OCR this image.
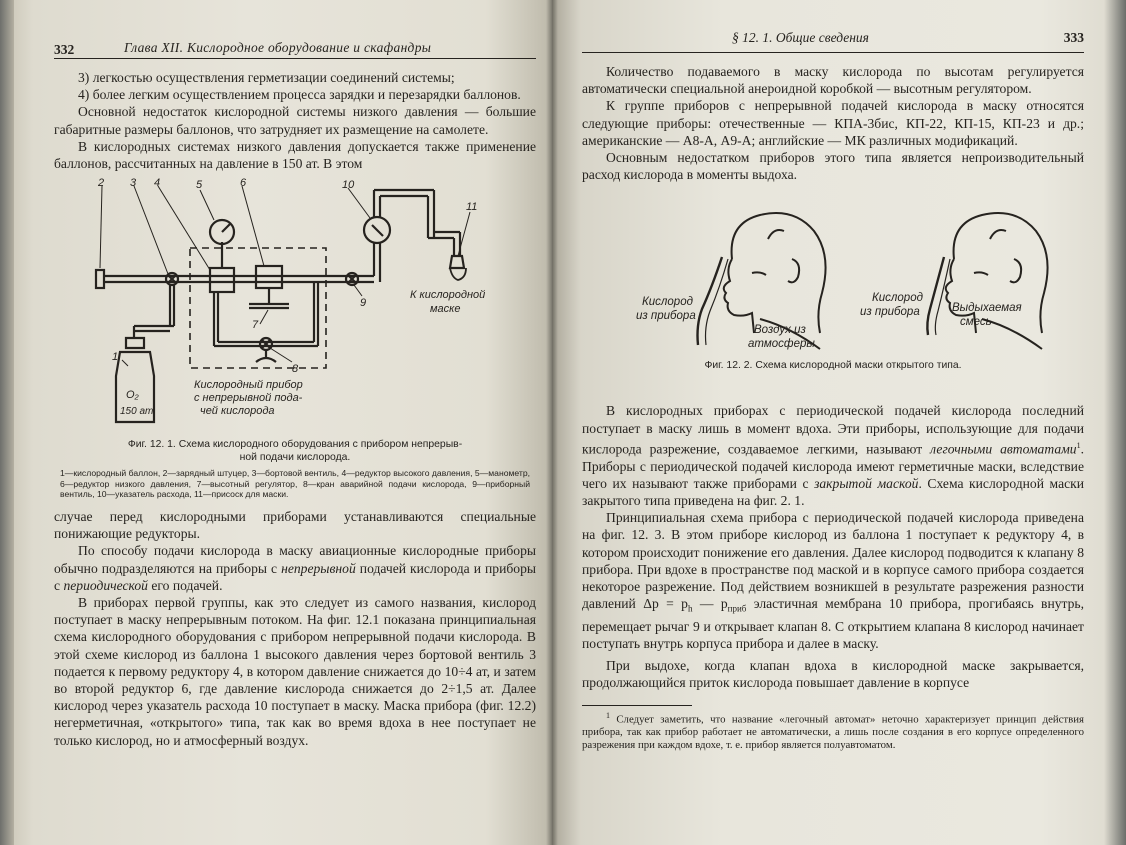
332	Глава XII. Кислородное оборудование и скафандры

3) легкостью осуществления герметизации соединений системы;

4) более легким осуществлением процесса зарядки и перезарядки баллонов.

Основной недостаток кислородной системы низкого давления — большие габаритные размеры баллонов, что затрудняет их размещение на самолете.

В кислородных системах низкого давления допускается также применение баллонов, рассчитанных на давление в 150 ат. В этом

2 3 4	5	6	10
11
9
7
8
1
O₂
150 ат
К кислородной
маске
Кислородный прибор
с непрерывной пода-
чей кислорода
Фиг. 12. 1. Схема кислородного оборудования с прибором непрерыв-
ной подачи кислорода.
1—кислородный баллон, 2—зарядный штуцер, 3—бортовой вентиль, 4—редуктор высокого давления, 5—манометр, 6—редуктор низкого давления, 7—высотный регулятор, 8—кран аварийной подачи кислорода, 9—приборный вентиль, 10—указатель расхода, 11—присоск для маски.

случае перед кислородными приборами устанавливаются специальные понижающие редукторы.

По способу подачи кислорода в маску авиационные кислородные приборы обычно подразделяются на приборы с непрерывной подачей кислорода и приборы с периодической его подачей.

В приборах первой группы, как это следует из самого названия, кислород поступает в маску непрерывным потоком. На фиг. 12.1 показана принципиальная схема кислородного оборудования с прибором непрерывной подачи кислорода. В этой схеме кислород из баллона 1 высокого давления через бортовой вентиль 3 подается к первому редуктору 4, в котором давление снижается до 10÷4 ат, и затем во второй редуктор 6, где давление кислорода снижается до 2÷1,5 ат. Далее кислород через указатель расхода 10 поступает в маску. Маска прибора (фиг. 12.2) негерметичная, «открытого» типа, так как во время вдоха в нее поступает не только кислород, но и атмосферный воздух.

§ 12. 1. Общие сведения	333

Количество подаваемого в маску кислорода по высотам регулируется автоматически специальной анероидной коробкой — высотным регулятором.

К группе приборов с непрерывной подачей кислорода в маску относятся следующие приборы: отечественные — КПА-3бис, КП-22, КП-15, КП-23 и др.; американские — А8-А, А9-А; английские — МК различных модификаций.

Основным недостатком приборов этого типа является непроизводительный расход кислорода в моменты выдоха.

Кислород
из прибора
Воздух из
атмосферы
Кислород
из прибора	Выдыхаемая
смесь
Фиг. 12. 2. Схема кислородной маски открытого типа.

В кислородных приборах с периодической подачей кислорода последний поступает в маску лишь в момент вдоха. Эти приборы, использующие для подачи кислорода разрежение, создаваемое легкими, называют легочными автоматами$^1$. Приборы с периодической подачей кислорода имеют герметичные маски, вследствие чего их называют также приборами с закрытой маской. Схема кислородной маски закрытого типа приведена на фиг. 2. 1.

Принципиальная схема прибора с периодической подачей кислорода приведена на фиг. 12. 3. В этом приборе кислород из баллона 1 поступает к редуктору 4, в котором происходит понижение его давления. Далее кислород подводится к клапану 8 прибора. При вдохе в пространстве под маской и в корпусе самого прибора создается некоторое разрежение. Под действием возникшей в результате разрежения разности давлений $\Delta p = p_h$ — $p_{приб}$ эластичная мембрана 10 прибора, прогибаясь внутрь, перемещает рычаг 9 и открывает клапан 8. С открытием клапана 8 кислород начинает поступать внутрь корпуса прибора и далее в маску.

При выдохе, когда клапан вдоха в кислородной маске закрывается, продолжающийся приток кислорода повышает давление в корпусе

$^1$ Следует заметить, что название «легочный автомат» неточно характеризует принцип действия прибора, так как прибор работает не автоматически, а лишь после создания в его корпусе определенного разрежения при каждом вдохе, т. е. прибор является полуавтоматом.
